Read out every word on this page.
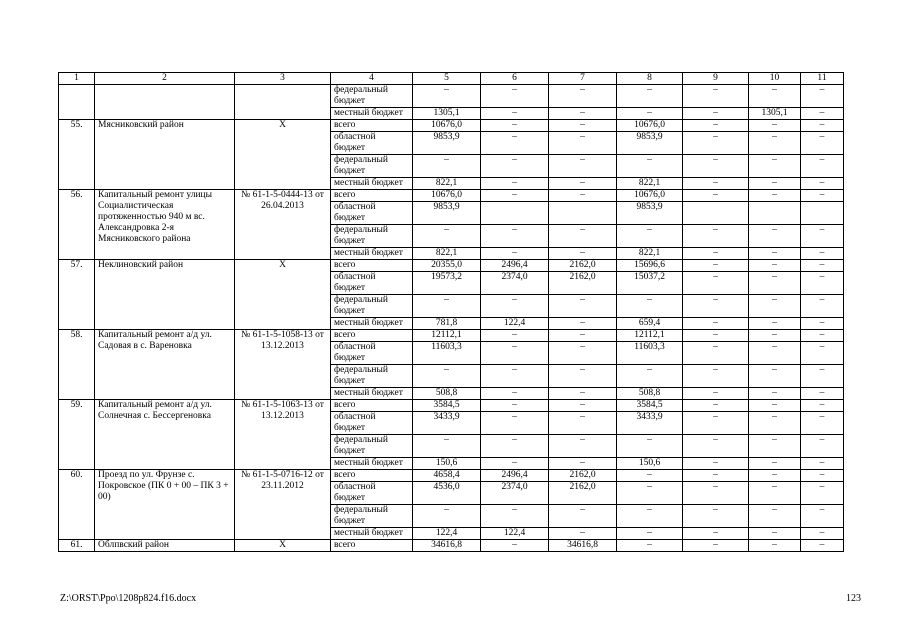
1	2	3	4	5	6	7	8	9	10	11
			федеральный бюджет	–	–	–	–	–	–	–
			местный бюджет	1305,1	–	–	–	–	1305,1	–
55.	Мясниковский район	Х	всего	10676,0	–	–	10676,0	–	–	–
			областной бюджет	9853,9	–	–	9853,9	–	–	–
			федеральный бюджет	–	–	–	–	–	–	–
			местный бюджет	822,1	–	–	822,1	–	–	–
56.	Капитальный ремонт улицы Социалистическая протяженностью 940 м вс. Александровка 2-я Мясниковского района	№ 61-1-5-0444-13 от 26.04.2013	всего	10676,0	–	–	10676,0	–	–	–
			областной бюджет	9853,9			9853,9			
			федеральный бюджет	–	–	–	–	–	–	–
			местный бюджет	822,1	–	–	822,1	–	–	–
57.	Неклиновский район	Х	всего	20355,0	2496,4	2162,0	15696,6	–	–	–
			областной бюджет	19573,2	2374,0	2162,0	15037,2	–	–	–
			федеральный бюджет	–	–	–	–	–	–	–
			местный бюджет	781,8	122,4	–	659,4	–	–	–
58.	Капитальный ремонт а/д ул. Садовая в с. Вареновка	№ 61-1-5-1058-13 от 13.12.2013	всего	12112,1	–	–	12112,1	–	–	–
			областной бюджет	11603,3	–	–	11603,3	–	–	–
			федеральный бюджет	–	–	–	–	–	–	–
			местный бюджет	508,8	–	–	508,8	–	–	–
59.	Капитальный ремонт а/д ул. Солнечная с. Бессергеновка	№ 61-1-5-1063-13 от 13.12.2013	всего	3584,5	–	–	3584,5	–	–	–
			областной бюджет	3433,9	–	–	3433,9	–	–	–
			федеральный бюджет	–	–	–	–	–	–	–
			местный бюджет	150,6	–	–	150,6	–	–	–
60.	Проезд по ул. Фрунзе с. Покровское (ПК 0 + 00 – ПК 3 + 00)	№ 61-1-5-0716-12 от 23.11.2012	всего	4658,4	2496,4	2162,0	–	–	–	–
			областной бюджет	4536,0	2374,0	2162,0	–	–	–	–
			федеральный бюджет	–	–	–	–	–	–	–
			местный бюджет	122,4	122,4	–	–	–	–	–
61.	Облпвский район	Х	всего	34616,8	–	34616,8	–	–	–	–
Z:\ORST\Ppo\1208p824.f16.docx	123
